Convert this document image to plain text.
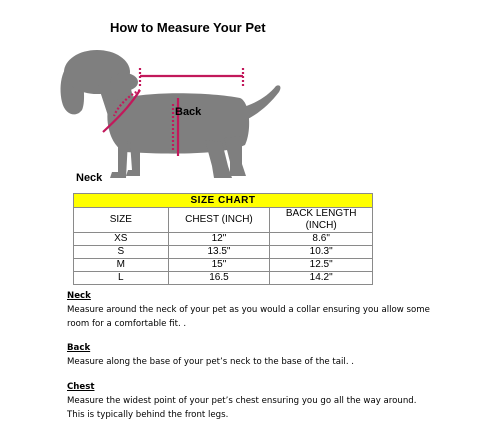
How to Measure Your Pet
Back
Neck
SIZE CHART		
SIZE	CHEST (INCH)	BACK LENGTH (INCH)
XS	12"	8.6"
S	13.5"	10.3"
M	15"	12.5"
L	16.5	14.2"
Neck
Measure around the neck of your pet as you would a collar ensuring you allow some
room for a comfortable fit. .
Back
Measure along the base of your pet’s neck to the base of the tail. .
Chest
Measure the widest point of your pet’s chest ensuring you go all the way around.
This is typically behind the front legs.
